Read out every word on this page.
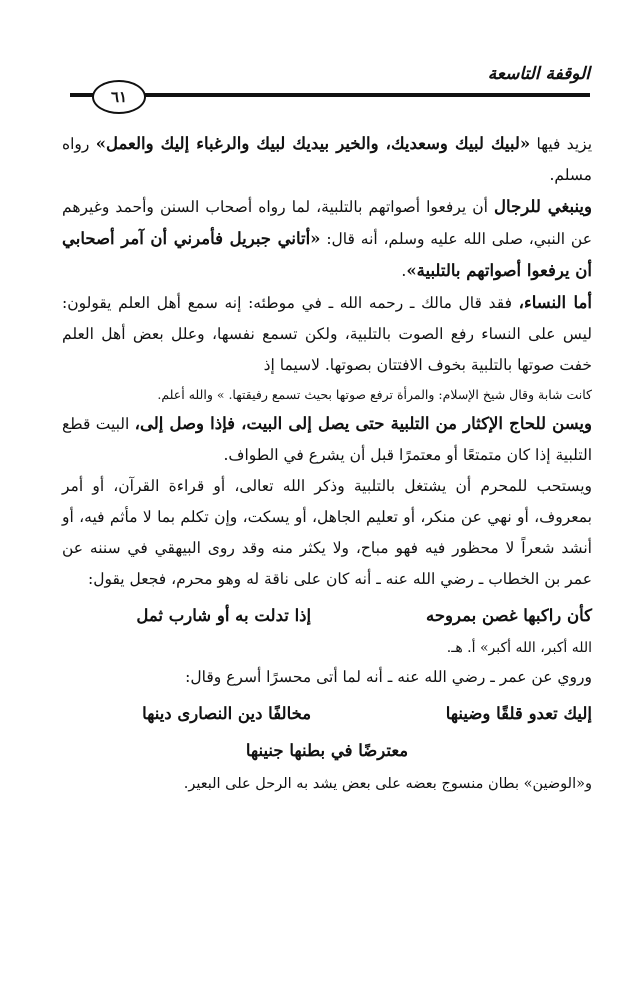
الوقفة التاسعة
٦١

يزيد فيها «لبيك لبيك وسعديك، والخير بيديك لبيك والرغباء إليك والعمل» رواه مسلم.

وينبغي للرجال أن يرفعوا أصواتهم بالتلبية، لما رواه أصحاب السنن وأحمد وغيرهم عن النبي، صلى الله عليه وسلم، أنه قال: «أتاني جبريل فأمرني أن آمر أصحابي أن يرفعوا أصواتهم بالتلبية».

أما النساء، فقد قال مالك ـ رحمه الله ـ في موطئه: إنه سمع أهل العلم يقولون: ليس على النساء رفع الصوت بالتلبية، ولكن تسمع نفسها، وعلل بعض أهل العلم خفت صوتها بالتلبية بخوف الافتتان بصوتها. لاسيما إذ

كانت شابة وقال شيخ الإسلام: والمرأة ترفع صوتها بحيث تسمع رفيقتها. » والله أعلم.

ويسن للحاج الإكثار من التلبية حتى يصل إلى البيت، فإذا وصل إلى، البيت قطع التلبية إذا كان متمتعًا أو معتمرًا قبل أن يشرع في الطواف.

ويستحب للمحرم أن يشتغل بالتلبية وذكر الله تعالى، أو قراءة القرآن، أو أمر بمعروف، أو نهي عن منكر، أو تعليم الجاهل، أو يسكت، وإن تكلم بما لا مأثم فيه، أو أنشد شعراً لا محظور فيه فهو مباح، ولا يكثر منه وقد روى البيهقي في سننه عن عمر بن الخطاب ـ رضي الله عنه ـ أنه كان على ناقة له وهو محرم، فجعل يقول:

كأن راكبها غصن بمروحه
إذا تدلت به أو شارب ثمل

الله أكبر، الله أكبر» أ. هـ.

وروي عن عمر ـ رضي الله عنه ـ أنه لما أتى محسرًا أسرع وقال:

إليك تعدو قلقًا وضينها
مخالفًا دين النصارى دينها

معترضًا في بطنها جنينها

و«الوضين» بطان منسوج بعضه على بعض يشد به الرحل على البعير.
